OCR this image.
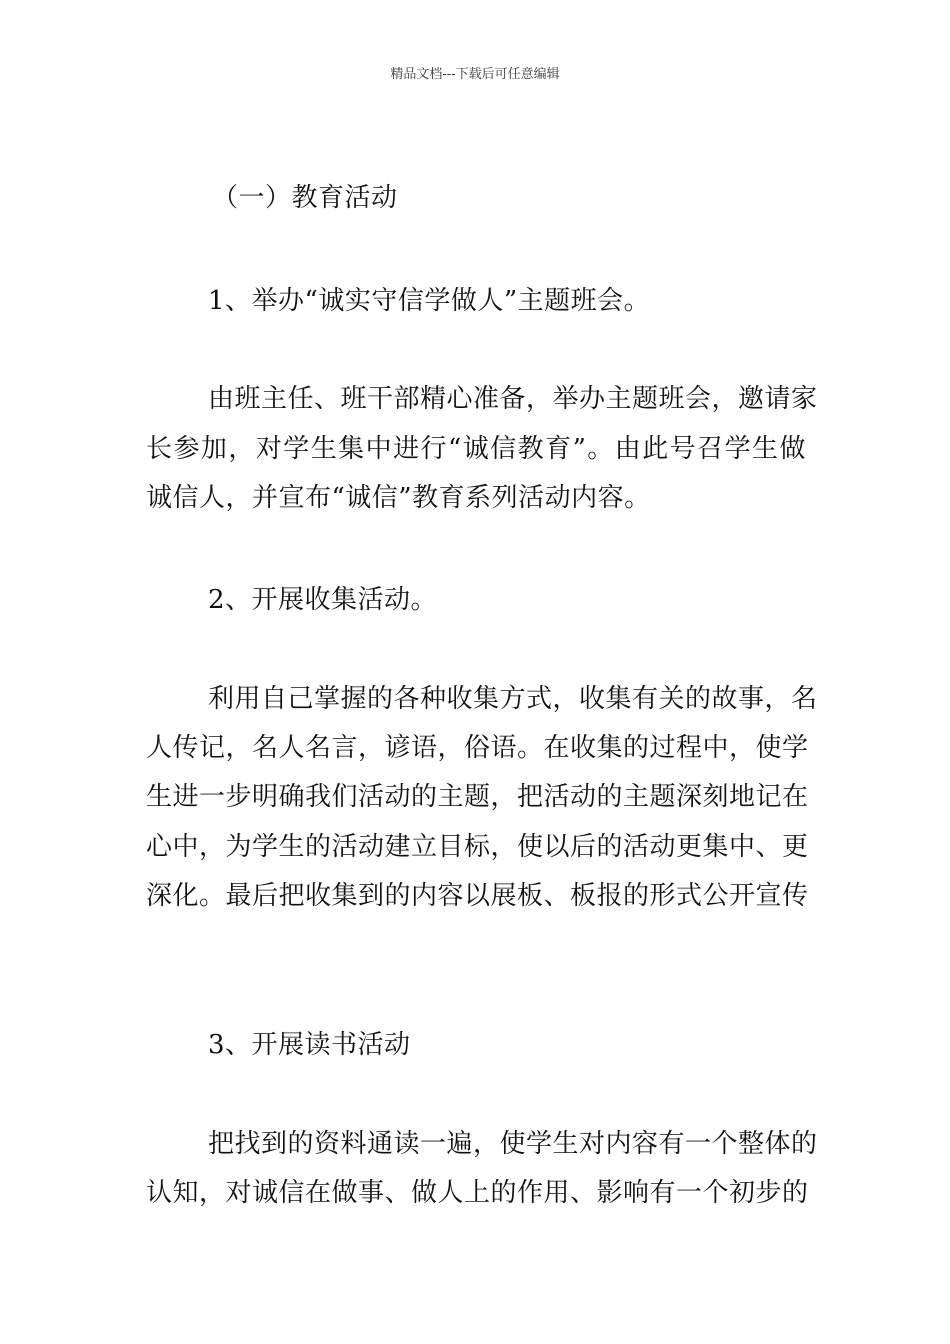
精品文档---下载后可任意编辑
（一）教育活动
1、举办“诚实守信学做人”主题班会。
由班主任、班干部精心准备，举办主题班会，邀请家
长参加，对学生集中进行“诚信教育”。由此号召学生做
诚信人，并宣布“诚信”教育系列活动内容。
2、开展收集活动。
利用自己掌握的各种收集方式，收集有关的故事，名
人传记，名人名言，谚语，俗语。在收集的过程中，使学
生进一步明确我们活动的主题，把活动的主题深刻地记在
心中，为学生的活动建立目标，使以后的活动更集中、更
深化。最后把收集到的内容以展板、板报的形式公开宣传
3、开展读书活动
把找到的资料通读一遍，使学生对内容有一个整体的
认知，对诚信在做事、做人上的作用、影响有一个初步的
